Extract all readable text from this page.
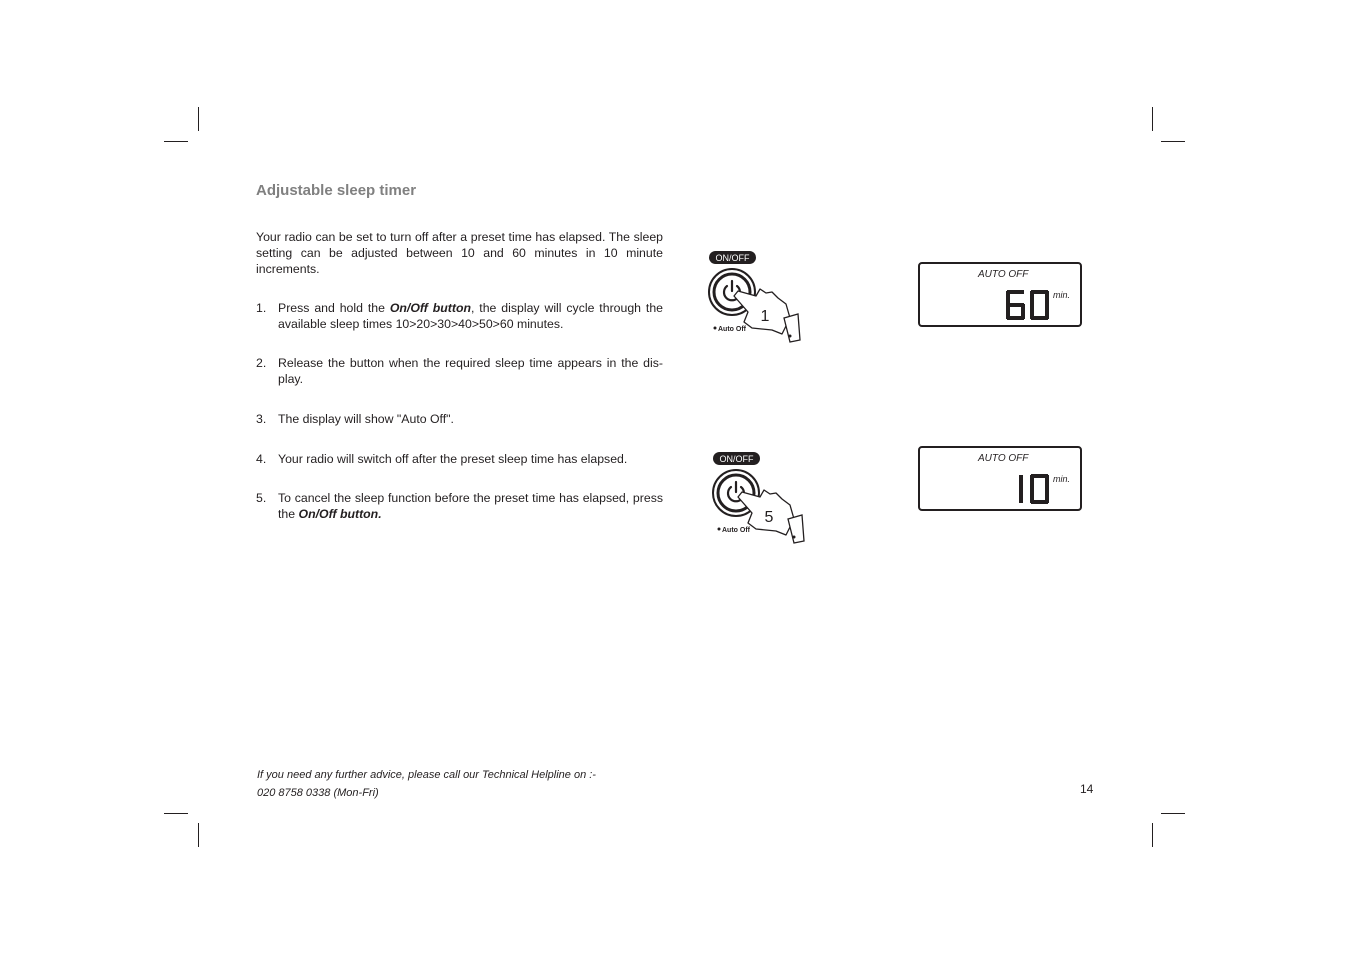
Adjustable sleep timer
Your radio can be set to turn off after a preset time has elapsed. The sleep setting can be adjusted between 10 and 60 minutes in 10 minute increments.
1. Press and hold the On/Off button, the display will cycle through the available sleep times 10>20>30>40>50>60 minutes.
2. Release the button when the required sleep time appears in the dis-play.
3. The display will show "Auto Off".
4. Your radio will switch off after the preset sleep time has elapsed.
5. To cancel the sleep function before the preset time has elapsed, press the On/Off button.
ON/OFF
1
Auto Off
AUTO OFF
min.
ON/OFF
5
Auto Off
AUTO OFF
min.
If you need any further advice, please call our Technical Helpline on :-
020 8758 0338 (Mon-Fri)	14
